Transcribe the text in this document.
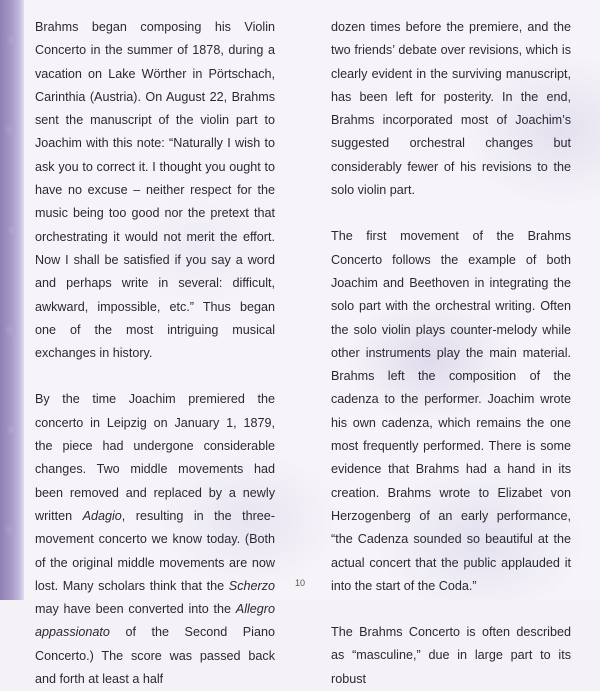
Brahms began composing his Violin Concerto in the summer of 1878, during a vacation on Lake Wörther in Pörtschach, Carinthia (Austria). On August 22, Brahms sent the manuscript of the violin part to Joachim with this note: “Naturally I wish to ask you to correct it. I thought you ought to have no excuse – neither respect for the music being too good nor the pretext that orchestrating it would not merit the effort. Now I shall be satisfied if you say a word and perhaps write in several: difficult, awkward, impossible, etc.” Thus began one of the most intriguing musical exchanges in history.

By the time Joachim premiered the concerto in Leipzig on January 1, 1879, the piece had undergone considerable changes. Two middle movements had been removed and replaced by a newly written Adagio, resulting in the three-movement concerto we know today. (Both of the original middle movements are now lost. Many scholars think that the Scherzo may have been converted into the Allegro appassionato of the Second Piano Concerto.) The score was passed back and forth at least a half

dozen times before the premiere, and the two friends’ debate over revisions, which is clearly evident in the surviving manuscript, has been left for posterity. In the end, Brahms incorporated most of Joachim’s suggested orchestral changes but considerably fewer of his revisions to the solo violin part.

The first movement of the Brahms Concerto follows the example of both Joachim and Beethoven in integrating the solo part with the orchestral writing. Often the solo violin plays counter-melody while other instruments play the main material. Brahms left the composition of the cadenza to the performer. Joachim wrote his own cadenza, which remains the one most frequently performed. There is some evidence that Brahms had a hand in its creation. Brahms wrote to Elizabet von Herzogenberg of an early performance, “the Cadenza sounded so beautiful at the actual concert that the public applauded it into the start of the Coda.”

The Brahms Concerto is often described as “masculine,” due in large part to its robust

10
